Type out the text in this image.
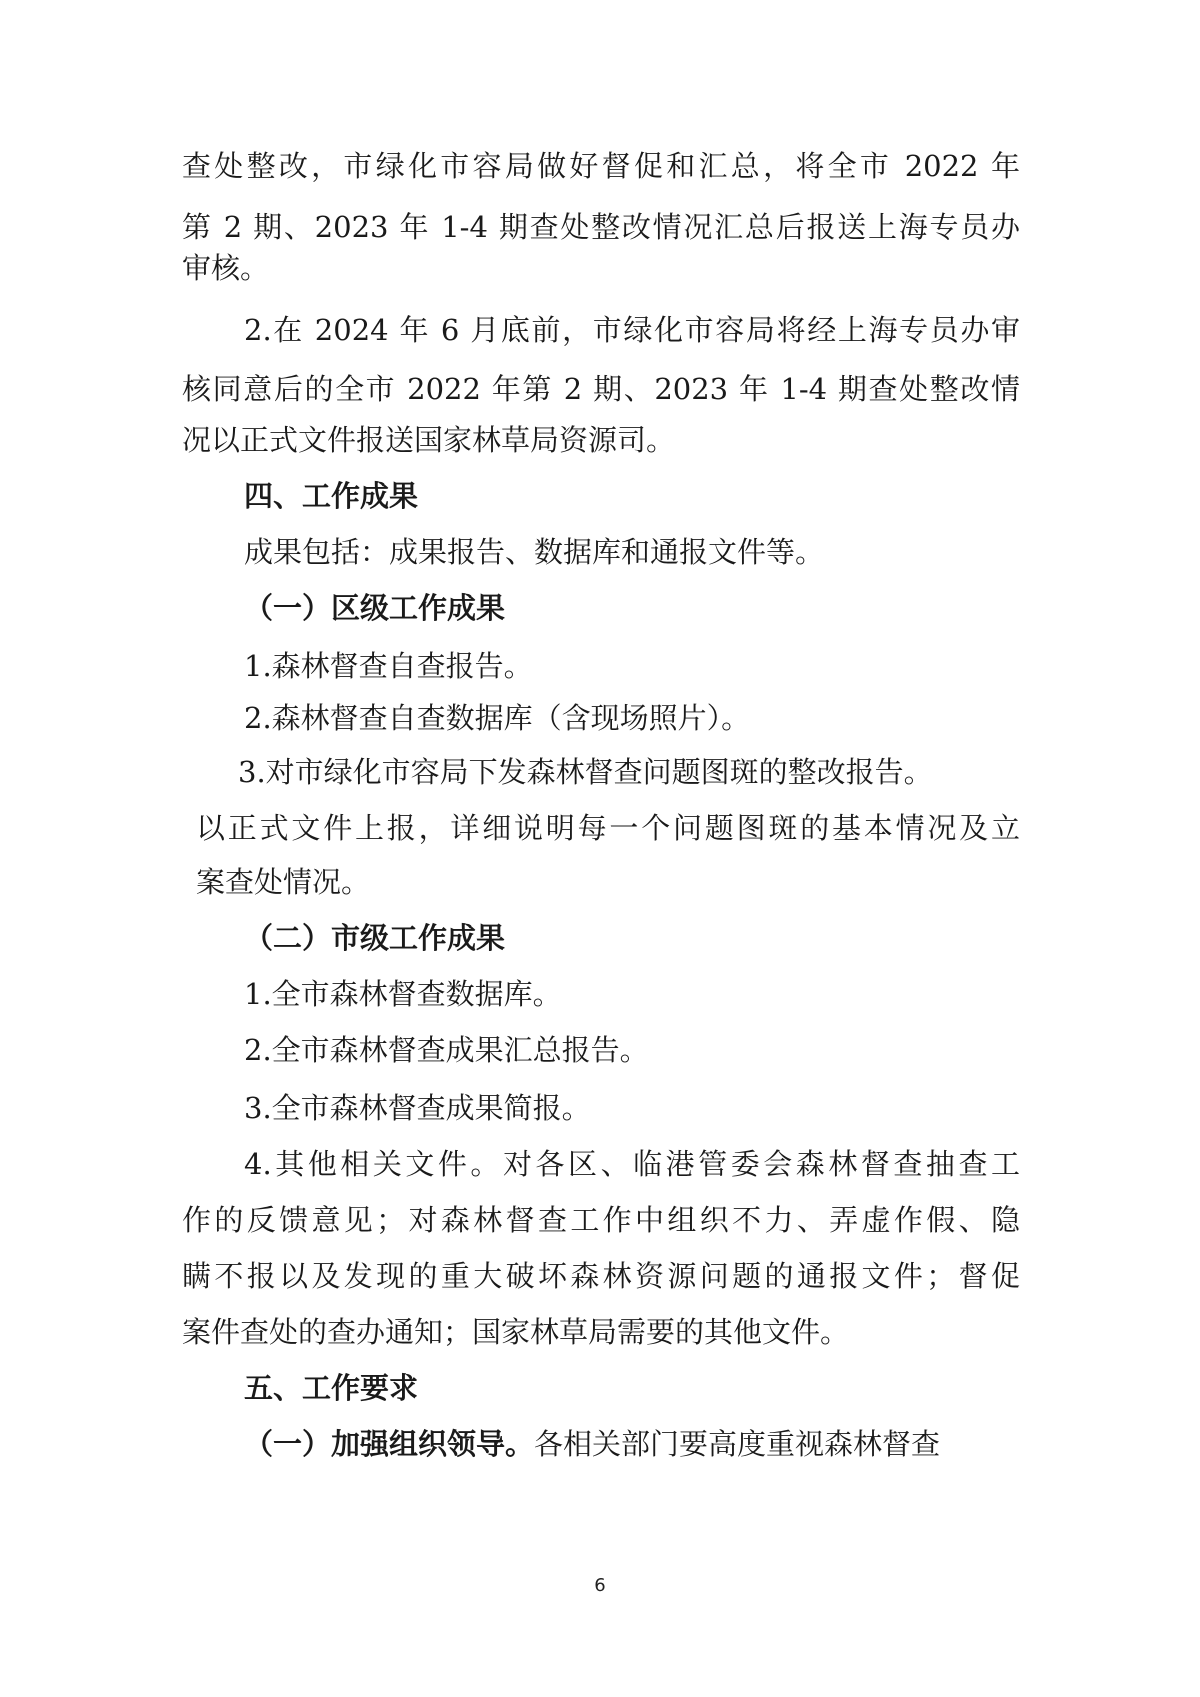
查处整改，市绿化市容局做好督促和汇总，将全市 2022 年
第 2 期、2023 年 1-4 期查处整改情况汇总后报送上海专员办
审核。
2.在 2024 年 6 月底前，市绿化市容局将经上海专员办审
核同意后的全市 2022 年第 2 期、2023 年 1-4 期查处整改情
况以正式文件报送国家林草局资源司。
四、工作成果
成果包括：成果报告、数据库和通报文件等。
（一）区级工作成果
1.森林督查自查报告。
2.森林督查自查数据库（含现场照片）。
3.对市绿化市容局下发森林督查问题图斑的整改报告。
以正式文件上报，详细说明每一个问题图斑的基本情况及立
案查处情况。
（二）市级工作成果
1.全市森林督查数据库。
2.全市森林督查成果汇总报告。
3.全市森林督查成果简报。
4.其他相关文件。对各区、临港管委会森林督查抽查工
作的反馈意见；对森林督查工作中组织不力、弄虚作假、隐
瞒不报以及发现的重大破坏森林资源问题的通报文件；督促
案件查处的查办通知；国家林草局需要的其他文件。
五、工作要求
（一）加强组织领导。各相关部门要高度重视森林督查
6
